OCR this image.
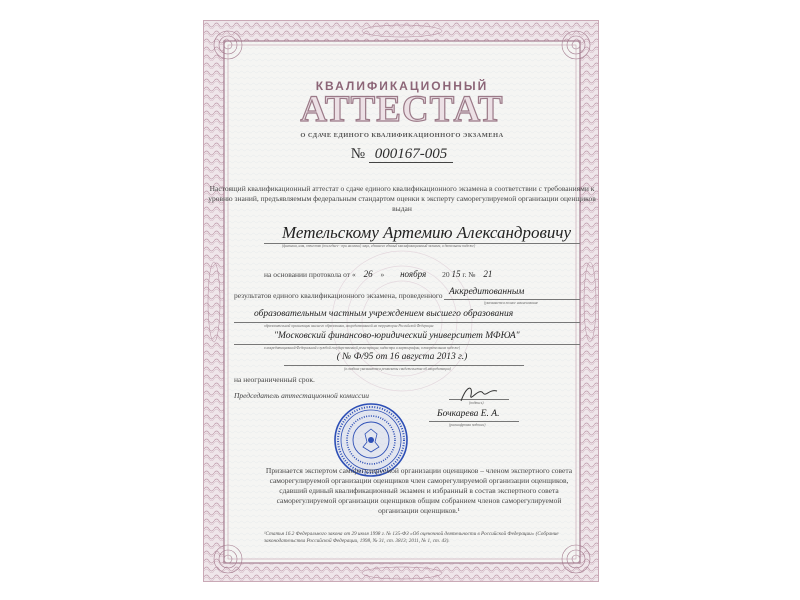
КВАЛИФИКАЦИОННЫЙ
АТТЕСТАТ
О СДАЧЕ ЕДИНОГО КВАЛИФИКАЦИОННОГО ЭКЗАМЕНА
№ 000167-005
Настоящий квалификационный аттестат о сдаче единого квалификационного экзамена в соответствии с требованиями к уровню знаний, предъявляемым федеральным стандартом оценки к эксперту саморегулируемой организации оценщиков выдан
Метельскому Артемию Александровичу
(фамилия, имя, отчество (последнее - при наличии) лица, сдавшего единый квалификационный экзамен, в дательном падеже)
на основании протокола от « 26 » ноября 20 15 г. № 21
результатов единого квалификационного экзамена, проведенного Аккредитованным
(указывается полное наименование
образовательным частным учреждением высшего образования
образовательной организации высшего образования, аккредитованной на территории Российской Федерации
"Московский финансово-юридический университет МФЮА"
в аккредитационной Федеральной службой государственной регистрации, кадастра и картографии, в творительном падеже)
( № Ф/95 от 16 августа 2013 г.)
(в скобках указываются реквизиты свидетельства об аккредитации)
на неограниченный срок.
Председатель аттестационной комиссии
(подпись)
Бочкарева Е. А.
(расшифровка подписи)
Признается экспертом саморегулируемой организации оценщиков – членом экспертного совета саморегулируемой организации оценщиков член саморегулируемой организации оценщиков, сдавший единый квалификационный экзамен и избранный в состав экспертного совета саморегулируемой организации оценщиков общим собранием членов саморегулируемой организации оценщиков.¹
¹Статья 16.2 Федерального закона от 29 июля 1998 г. № 135-ФЗ «Об оценочной деятельности в Российской Федерации» (Собрание законодательства Российской Федерации, 1998, № 31, ст. 3813; 2011, № 1, ст. 43).
